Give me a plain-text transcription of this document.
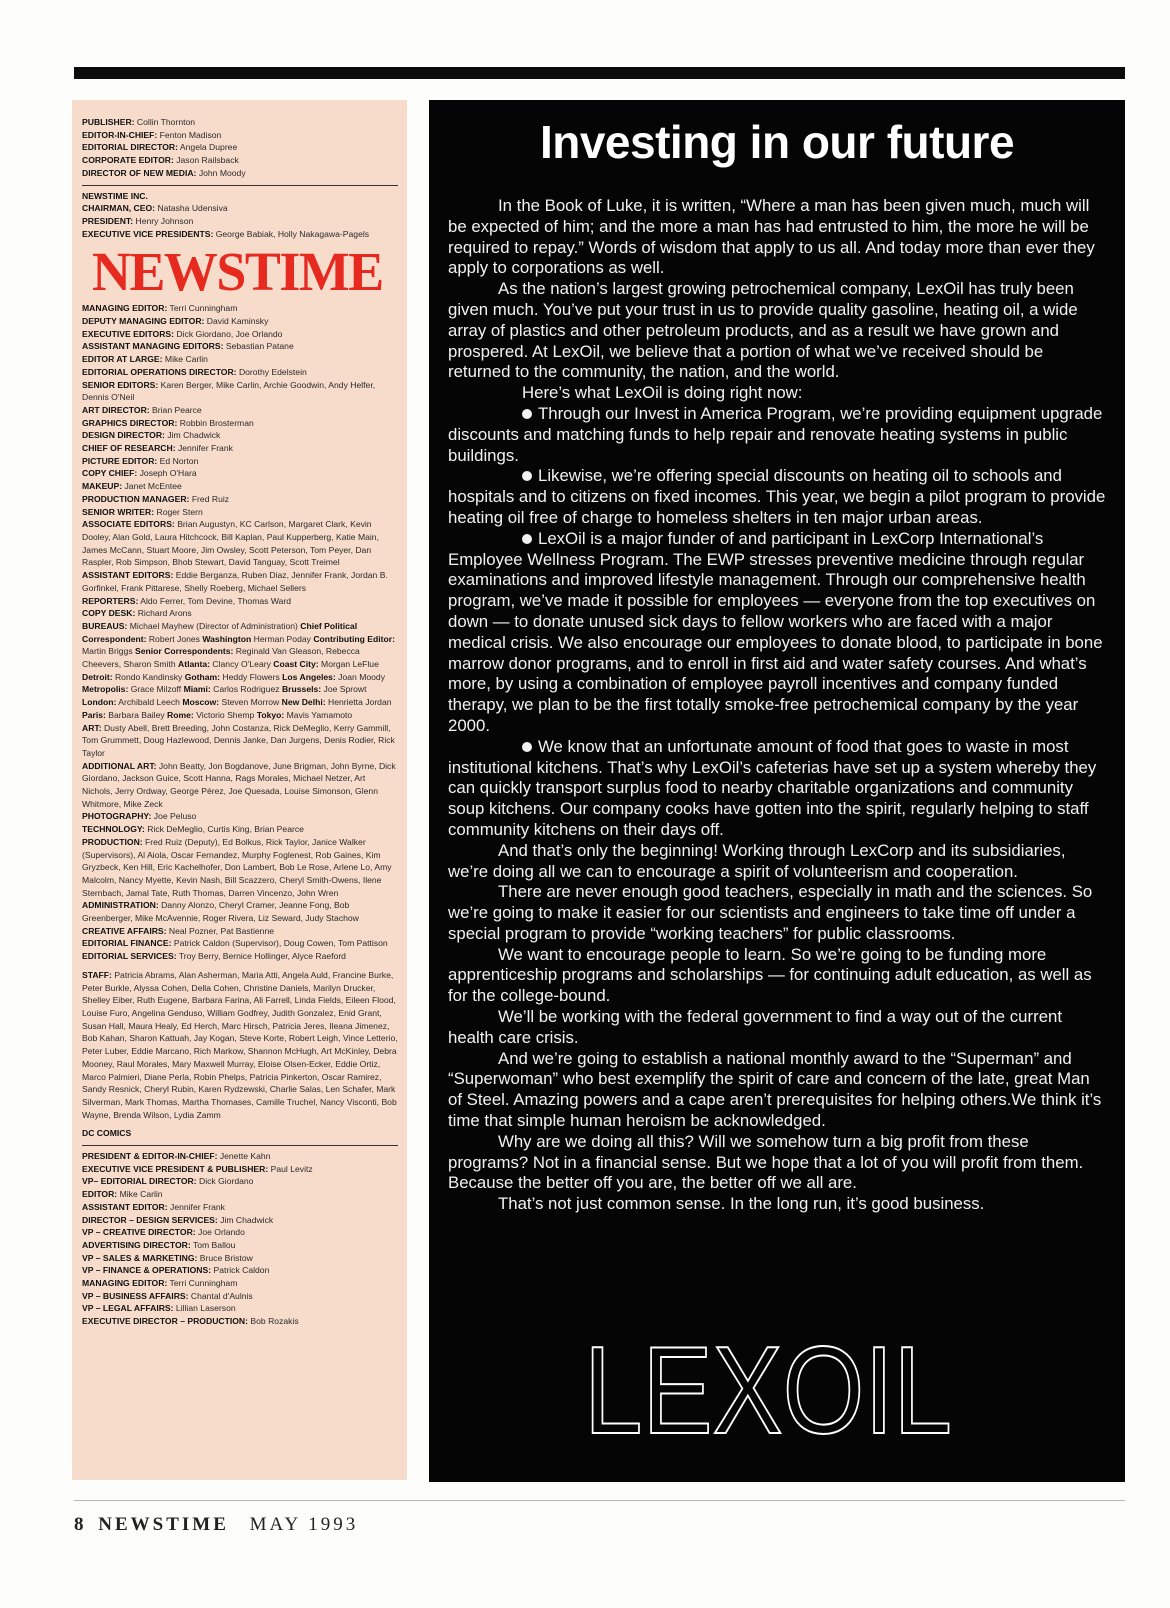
PUBLISHER: Collin Thornton
EDITOR-IN-CHIEF: Fenton Madison
EDITORIAL DIRECTOR: Angela Dupree
CORPORATE EDITOR: Jason Railsback
DIRECTOR OF NEW MEDIA: John Moody
NEWSTIME INC.
CHAIRMAN, CEO: Natasha Udensiva
PRESIDENT: Henry Johnson
EXECUTIVE VICE PRESIDENTS: George Babiak, Holly Nakagawa-Pagels
NEWSTIME
MANAGING EDITOR: Terri Cunningham
DEPUTY MANAGING EDITOR: David Kaminsky
EXECUTIVE EDITORS: Dick Giordano, Joe Orlando
ASSISTANT MANAGING EDITORS: Sebastian Patane
EDITOR AT LARGE: Mike Carlin
EDITORIAL OPERATIONS DIRECTOR: Dorothy Edelstein
SENIOR EDITORS: Karen Berger, Mike Carlin, Archie Goodwin, Andy Helfer, Dennis O'Neil
ART DIRECTOR: Brian Pearce
GRAPHICS DIRECTOR: Robbin Brosterman
DESIGN DIRECTOR: Jim Chadwick
CHIEF OF RESEARCH: Jennifer Frank
PICTURE EDITOR: Ed Norton
COPY CHIEF: Joseph O'Hara
MAKEUP: Janet McEntee
PRODUCTION MANAGER: Fred Ruiz
SENIOR WRITER: Roger Stern
ASSOCIATE EDITORS: Brian Augustyn, KC Carlson, Margaret Clark, Kevin Dooley, Alan Gold, Laura Hitchcock, Bill Kaplan, Paul Kupperberg, Katie Main, James McCann, Stuart Moore, Jim Owsley, Scott Peterson, Tom Peyer, Dan Raspler, Rob Simpson, Bhob Stewart, David Tanguay, Scott Treimel
ASSISTANT EDITORS: Eddie Berganza, Ruben Diaz, Jennifer Frank, Jordan B. Gorfinkel, Frank Pittarese, Shelly Roeberg, Michael Sellers
REPORTERS: Aldo Ferrer, Tom Devine, Thomas Ward
COPY DESK: Richard Arons
BUREAUS: Michael Mayhew (Director of Administration) Chief Political Correspondent: Robert Jones Washington Herman Poday Contributing Editor: Martin Briggs Senior Correspondents: Reginald Van Gleason, Rebecca Cheevers, Sharon Smith Atlanta: Clancy O'Leary Coast City: Morgan LeFlue Detroit: Rondo Kandinsky Gotham: Heddy Flowers Los Angeles: Joan Moody Metropolis: Grace Milzoff Miami: Carlos Rodriguez Brussels: Joe Sprowt London: Archibald Leech Moscow: Steven Morrow New Delhi: Henrietta Jordan Paris: Barbara Bailey Rome: Victorio Shemp Tokyo: Mavis Yamamoto
ART: Dusty Abell, Brett Breeding, John Costanza, Rick DeMeglio, Kerry Gammill, Tom Grummett, Doug Hazlewood, Dennis Janke, Dan Jurgens, Denis Rodier, Rick Taylor
ADDITIONAL ART: John Beatty, Jon Bogdanove, June Brigman, John Byrne, Dick Giordano, Jackson Guice, Scott Hanna, Rags Morales, Michael Netzer, Art Nichols, Jerry Ordway, George Pérez, Joe Quesada, Louise Simonson, Glenn Whitmore, Mike Zeck
PHOTOGRAPHY: Joe Peluso
TECHNOLOGY: Rick DeMeglio, Curtis King, Brian Pearce
PRODUCTION: Fred Ruiz (Deputy), Ed Bolkus, Rick Taylor, Janice Walker (Supervisors), Al Aiola, Oscar Fernandez, Murphy Foglenest, Rob Gaines, Kim Gryzbeck, Ken Hill, Eric Kachelhofer, Don Lambert, Bob Le Rose, Arlene Lo, Amy Malcolm, Nancy Myette, Kevin Nash, Bill Scazzero, Cheryl Smith-Owens, Ilene Sternbach, Jamal Tate, Ruth Thomas, Darren Vincenzo, John Wren
ADMINISTRATION: Danny Alonzo, Cheryl Cramer, Jeanne Fong, Bob Greenberger, Mike McAvennie, Roger Rivera, Liz Seward, Judy Stachow
CREATIVE AFFAIRS: Neal Pozner, Pat Bastienne
EDITORIAL FINANCE: Patrick Caldon (Supervisor), Doug Cowen, Tom Pattison
EDITORIAL SERVICES: Troy Berry, Bernice Hollinger, Alyce Raeford
STAFF: Patricia Abrams, Alan Asherman, Maria Atti, Angela Auld, Francine Burke, Peter Burkle, Alyssa Cohen, Della Cohen, Christine Daniels, Marilyn Drucker, Shelley Eiber, Ruth Eugene, Barbara Farina, Ali Farrell, Linda Fields, Eileen Flood, Louise Furo, Angelina Genduso, William Godfrey, Judith Gonzalez, Enid Grant, Susan Hall, Maura Healy, Ed Herch, Marc Hirsch, Patricia Jeres, Ileana Jimenez, Bob Kahan, Sharon Kattuah, Jay Kogan, Steve Korte, Robert Leigh, Vince Letterio, Peter Luber, Eddie Marcano, Rich Markow, Shannon McHugh, Art McKinley, Debra Mooney, Raul Morales, Mary Maxwell Murray, Eloise Olsen-Ecker, Eddie Ortiz, Marco Palmieri, Diane Perla, Robin Phelps, Patricia Pinkerton, Oscar Ramirez, Sandy Resnick, Cheryl Rubin, Karen Rydzewski, Charlie Salas, Len Schafer, Mark Silverman, Mark Thomas, Martha Thomases, Camille Truchel, Nancy Visconti, Bob Wayne, Brenda Wilson, Lydia Zamm
DC COMICS
PRESIDENT & EDITOR-IN-CHIEF: Jenette Kahn
EXECUTIVE VICE PRESIDENT & PUBLISHER: Paul Levitz
VP– EDITORIAL DIRECTOR: Dick Giordano
EDITOR: Mike Carlin
ASSISTANT EDITOR: Jennifer Frank
DIRECTOR – DESIGN SERVICES: Jim Chadwick
VP – CREATIVE DIRECTOR: Joe Orlando
ADVERTISING DIRECTOR: Tom Ballou
VP – SALES & MARKETING: Bruce Bristow
VP – FINANCE & OPERATIONS: Patrick Caldon
MANAGING EDITOR: Terri Cunningham
VP – BUSINESS AFFAIRS: Chantal d'Aulnis
VP – LEGAL AFFAIRS: Lillian Laserson
EXECUTIVE DIRECTOR – PRODUCTION: Bob Rozakis
Investing in our future

In the Book of Luke, it is written, “Where a man has been given much, much will be expected of him; and the more a man has had entrusted to him, the more he will be required to repay.” Words of wisdom that apply to us all. And today more than ever they apply to corporations as well.

As the nation’s largest growing petrochemical company, LexOil has truly been given much. You’ve put your trust in us to provide quality gasoline, heating oil, a wide array of plastics and other petroleum products, and as a result we have grown and prospered. At LexOil, we believe that a portion of what we’ve received should be returned to the community, the nation, and the world.

Here’s what LexOil is doing right now:

Through our Invest in America Program, we’re providing equipment upgrade discounts and matching funds to help repair and renovate heating systems in public buildings.

Likewise, we’re offering special discounts on heating oil to schools and hospitals and to citizens on fixed incomes. This year, we begin a pilot program to provide heating oil free of charge to homeless shelters in ten major urban areas.

LexOil is a major funder of and participant in LexCorp International’s Employee Wellness Program. The EWP stresses preventive medicine through regular examinations and improved lifestyle management. Through our comprehensive health program, we’ve made it possible for employees — everyone from the top executives on down — to donate unused sick days to fellow workers who are faced with a major medical crisis. We also encourage our employees to donate blood, to participate in bone marrow donor programs, and to enroll in first aid and water safety courses. And what’s more, by using a combination of employee payroll incentives and company funded therapy, we plan to be the first totally smoke-free petrochemical company by the year 2000.

We know that an unfortunate amount of food that goes to waste in most institutional kitchens. That’s why LexOil’s cafeterias have set up a system whereby they can quickly transport surplus food to nearby charitable organizations and community soup kitchens. Our company cooks have gotten into the spirit, regularly helping to staff community kitchens on their days off.

And that’s only the beginning! Working through LexCorp and its subsidiaries, we’re doing all we can to encourage a spirit of volunteerism and cooperation.

There are never enough good teachers, especially in math and the sciences. So we’re going to make it easier for our scientists and engineers to take time off under a special program to provide “working teachers” for public classrooms.

We want to encourage people to learn. So we’re going to be funding more apprenticeship programs and scholarships — for continuing adult education, as well as for the college-bound.

We’ll be working with the federal government to find a way out of the current health care crisis.

And we’re going to establish a national monthly award to the “Superman” and “Superwoman” who best exemplify the spirit of care and concern of the late, great Man of Steel. Amazing powers and a cape aren’t prerequisites for helping others.We think it’s time that simple human heroism be acknowledged.

Why are we doing all this? Will we somehow turn a big profit from these programs? Not in a financial sense. But we hope that a lot of you will profit from them. Because the better off you are, the better off we all are.

That’s not just common sense. In the long run, it’s good business.

LEXOIL
8 NEWSTIME MAY 1993
